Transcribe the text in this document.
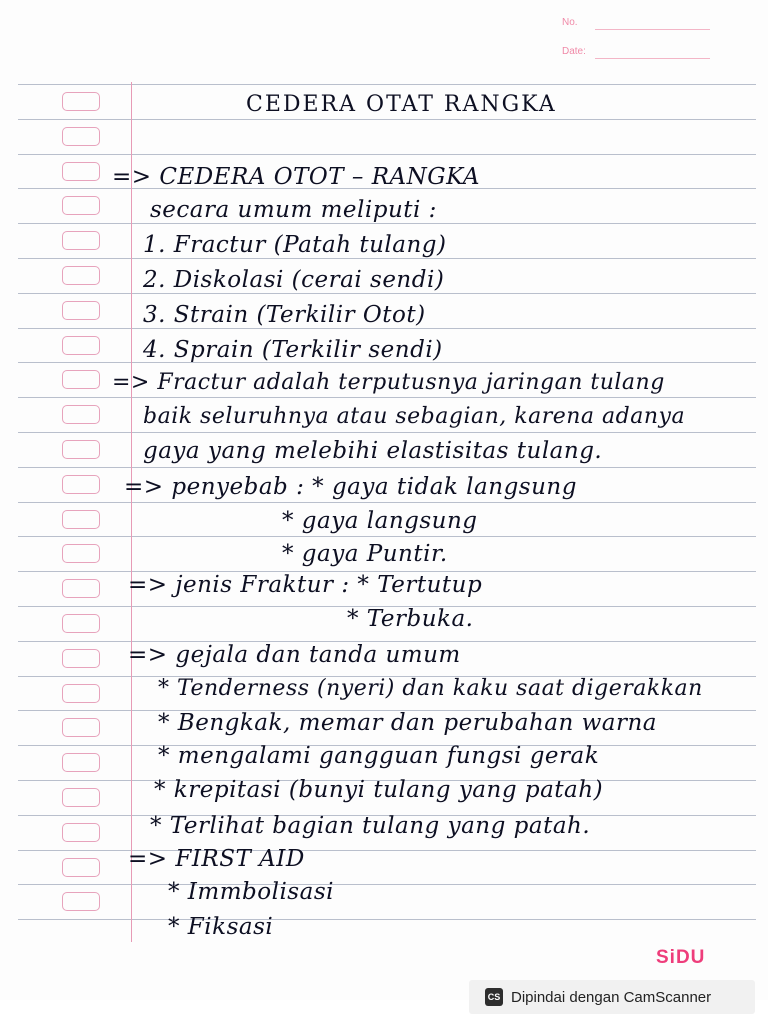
No.
Date:
CEDERA OTAT RANGKA
=> CEDERA OTOT – RANGKA
secara umum meliputi :
1. Fractur (Patah tulang)
2. Diskolasi (cerai sendi)
3. Strain (Terkilir Otot)
4. Sprain (Terkilir sendi)
=> Fractur adalah terputusnya jaringan tulang
baik seluruhnya atau sebagian, karena adanya
gaya yang melebihi elastisitas tulang.
=> penyebab : * gaya tidak langsung
* gaya langsung
* gaya Puntir.
=> jenis Fraktur : * Tertutup
* Terbuka.
=> gejala dan tanda umum
* Tenderness (nyeri) dan kaku saat digerakkan
* Bengkak, memar dan perubahan warna
* mengalami gangguan fungsi gerak
* krepitasi (bunyi tulang yang patah)
* Terlihat bagian tulang yang patah.
=> FIRST AID
* Immbolisasi
* Fiksasi
SiDU
CS Dipindai dengan CamScanner
